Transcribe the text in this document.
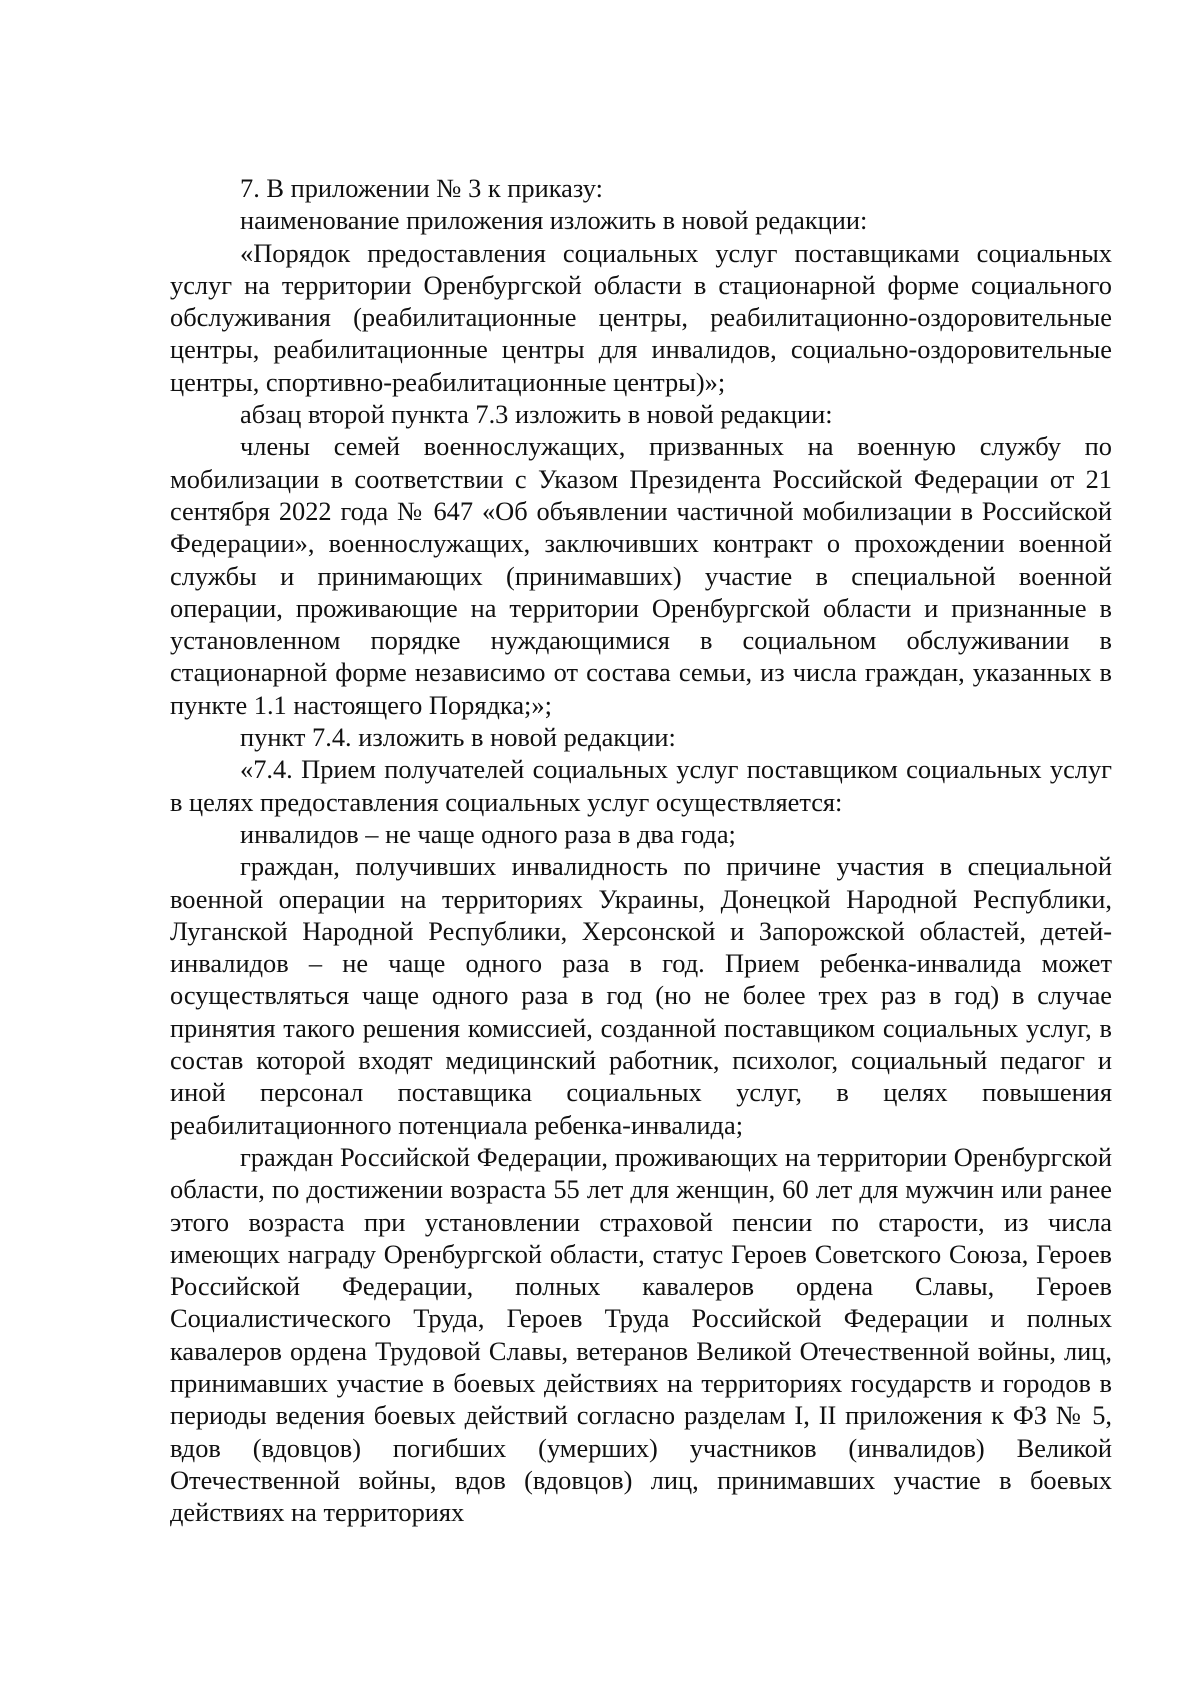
7. В приложении № 3 к приказу:

наименование приложения изложить в новой редакции:

«Порядок предоставления социальных услуг поставщиками социальных услуг на территории Оренбургской области в стационарной форме социального обслуживания (реабилитационные центры, реабилитационно-оздоровительные центры, реабилитационные центры для инвалидов, социально-оздоровительные центры, спортивно-реабилитационные центры)»;

абзац второй пункта 7.3 изложить в новой редакции:

члены семей военнослужащих, призванных на военную службу по мобилизации в соответствии с Указом Президента Российской Федерации от 21 сентября 2022 года № 647 «Об объявлении частичной мобилизации в Российской Федерации», военнослужащих, заключивших контракт о прохождении военной службы и принимающих (принимавших) участие в специальной военной операции, проживающие на территории Оренбургской области и признанные в установленном порядке нуждающимися в социальном обслуживании в стационарной форме независимо от состава семьи, из числа граждан, указанных в пункте 1.1 настоящего Порядка;»;

пункт 7.4. изложить в новой редакции:

«7.4. Прием получателей социальных услуг поставщиком социальных услуг в целях предоставления социальных услуг осуществляется:

инвалидов – не чаще одного раза в два года;

граждан, получивших инвалидность по причине участия в специальной военной операции на территориях Украины, Донецкой Народной Республики, Луганской Народной Республики, Херсонской и Запорожской областей, детей-инвалидов – не чаще одного раза в год. Прием ребенка-инвалида может осуществляться чаще одного раза в год (но не более трех раз в год) в случае принятия такого решения комиссией, созданной поставщиком социальных услуг, в состав которой входят медицинский работник, психолог, социальный педагог и иной персонал поставщика социальных услуг, в целях повышения реабилитационного потенциала ребенка-инвалида;

граждан Российской Федерации, проживающих на территории Оренбургской области, по достижении возраста 55 лет для женщин, 60 лет для мужчин или ранее этого возраста при установлении страховой пенсии по старости, из числа имеющих награду Оренбургской области, статус Героев Советского Союза, Героев Российской Федерации, полных кавалеров ордена Славы, Героев Социалистического Труда, Героев Труда Российской Федерации и полных кавалеров ордена Трудовой Славы, ветеранов Великой Отечественной войны, лиц, принимавших участие в боевых действиях на территориях государств и городов в периоды ведения боевых действий согласно разделам I, II приложения к ФЗ № 5, вдов (вдовцов) погибших (умерших) участников (инвалидов) Великой Отечественной войны, вдов (вдовцов) лиц, принимавших участие в боевых действиях на территориях
